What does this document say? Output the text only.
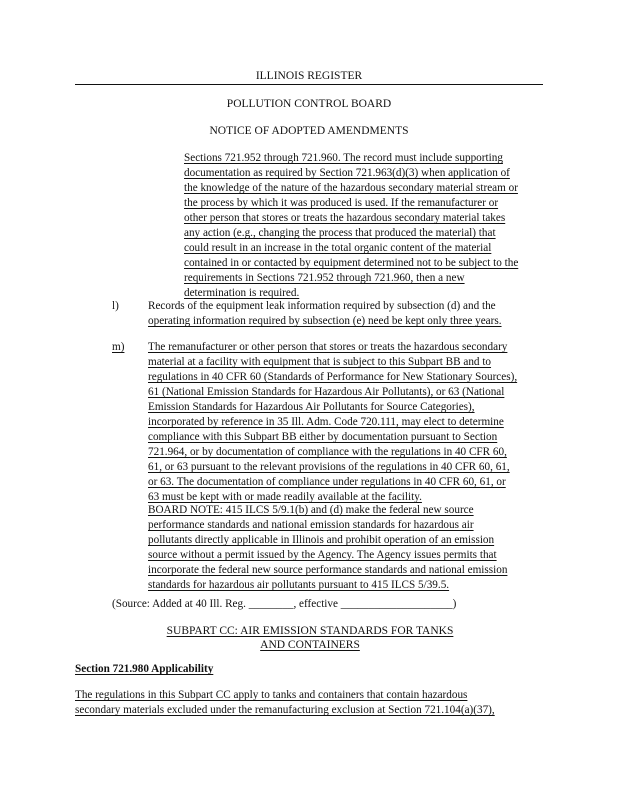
ILLINOIS REGISTER
POLLUTION CONTROL BOARD
NOTICE OF ADOPTED AMENDMENTS
Sections 721.952 through 721.960. The record must include supporting
documentation as required by Section 721.963(d)(3) when application of
the knowledge of the nature of the hazardous secondary material stream or
the process by which it was produced is used. If the remanufacturer or
other person that stores or treats the hazardous secondary material takes
any action (e.g., changing the process that produced the material) that
could result in an increase in the total organic content of the material
contained in or contacted by equipment determined not to be subject to the
requirements in Sections 721.952 through 721.960, then a new
determination is required.
l)	Records of the equipment leak information required by subsection (d) and the
operating information required by subsection (e) need be kept only three years.
m) The remanufacturer or other person that stores or treats the hazardous secondary
material at a facility with equipment that is subject to this Subpart BB and to
regulations in 40 CFR 60 (Standards of Performance for New Stationary Sources),
61 (National Emission Standards for Hazardous Air Pollutants), or 63 (National
Emission Standards for Hazardous Air Pollutants for Source Categories),
incorporated by reference in 35 Ill. Adm. Code 720.111, may elect to determine
compliance with this Subpart BB either by documentation pursuant to Section
721.964, or by documentation of compliance with the regulations in 40 CFR 60,
61, or 63 pursuant to the relevant provisions of the regulations in 40 CFR 60, 61,
or 63. The documentation of compliance under regulations in 40 CFR 60, 61, or
63 must be kept with or made readily available at the facility.
BOARD NOTE: 415 ILCS 5/9.1(b) and (d) make the federal new source
performance standards and national emission standards for hazardous air
pollutants directly applicable in Illinois and prohibit operation of an emission
source without a permit issued by the Agency. The Agency issues permits that
incorporate the federal new source performance standards and national emission
standards for hazardous air pollutants pursuant to 415 ILCS 5/39.5.
(Source: Added at 40 Ill. Reg. ________, effective ____________________)
SUBPART CC: AIR EMISSION STANDARDS FOR TANKS
AND CONTAINERS
Section 721.980 Applicability
The regulations in this Subpart CC apply to tanks and containers that contain hazardous
secondary materials excluded under the remanufacturing exclusion at Section 721.104(a)(37),
